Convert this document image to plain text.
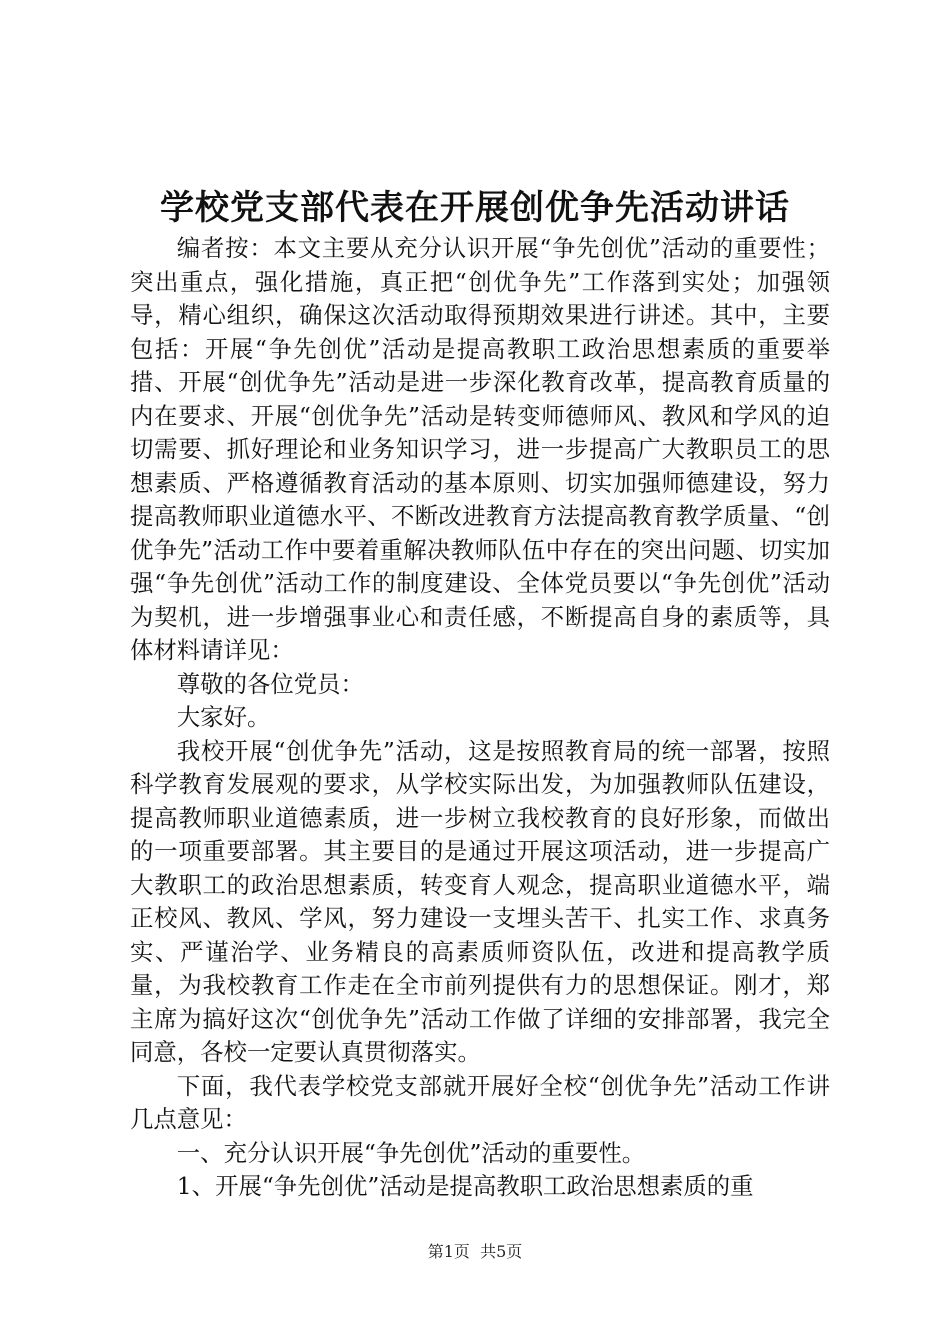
学校党支部代表在开展创优争先活动讲话

编者按：本文主要从充分认识开展“争先创优”活动的重要性；突出重点，强化措施，真正把“创优争先”工作落到实处；加强领导，精心组织，确保这次活动取得预期效果进行讲述。其中，主要包括：开展“争先创优”活动是提高教职工政治思想素质的重要举措、开展“创优争先”活动是进一步深化教育改革，提高教育质量的内在要求、开展“创优争先”活动是转变师德师风、教风和学风的迫切需要、抓好理论和业务知识学习，进一步提高广大教职员工的思想素质、严格遵循教育活动的基本原则、切实加强师德建设，努力提高教师职业道德水平、不断改进教育方法提高教育教学质量、“创优争先”活动工作中要着重解决教师队伍中存在的突出问题、切实加强“争先创优”活动工作的制度建设、全体党员要以“争先创优”活动为契机，进一步增强事业心和责任感，不断提高自身的素质等，具体材料请详见：

尊敬的各位党员：

大家好。

我校开展“创优争先”活动，这是按照教育局的统一部署，按照科学教育发展观的要求，从学校实际出发，为加强教师队伍建设，提高教师职业道德素质，进一步树立我校教育的良好形象，而做出的一项重要部署。其主要目的是通过开展这项活动，进一步提高广大教职工的政治思想素质，转变育人观念，提高职业道德水平，端正校风、教风、学风，努力建设一支埋头苦干、扎实工作、求真务实、严谨治学、业务精良的高素质师资队伍，改进和提高教学质量，为我校教育工作走在全市前列提供有力的思想保证。刚才，郑主席为搞好这次“创优争先”活动工作做了详细的安排部署，我完全同意，各校一定要认真贯彻落实。

下面，我代表学校党支部就开展好全校“创优争先”活动工作讲几点意见：

一、充分认识开展“争先创优”活动的重要性。

1、开展“争先创优”活动是提高教职工政治思想素质的重

第1页 共5页
